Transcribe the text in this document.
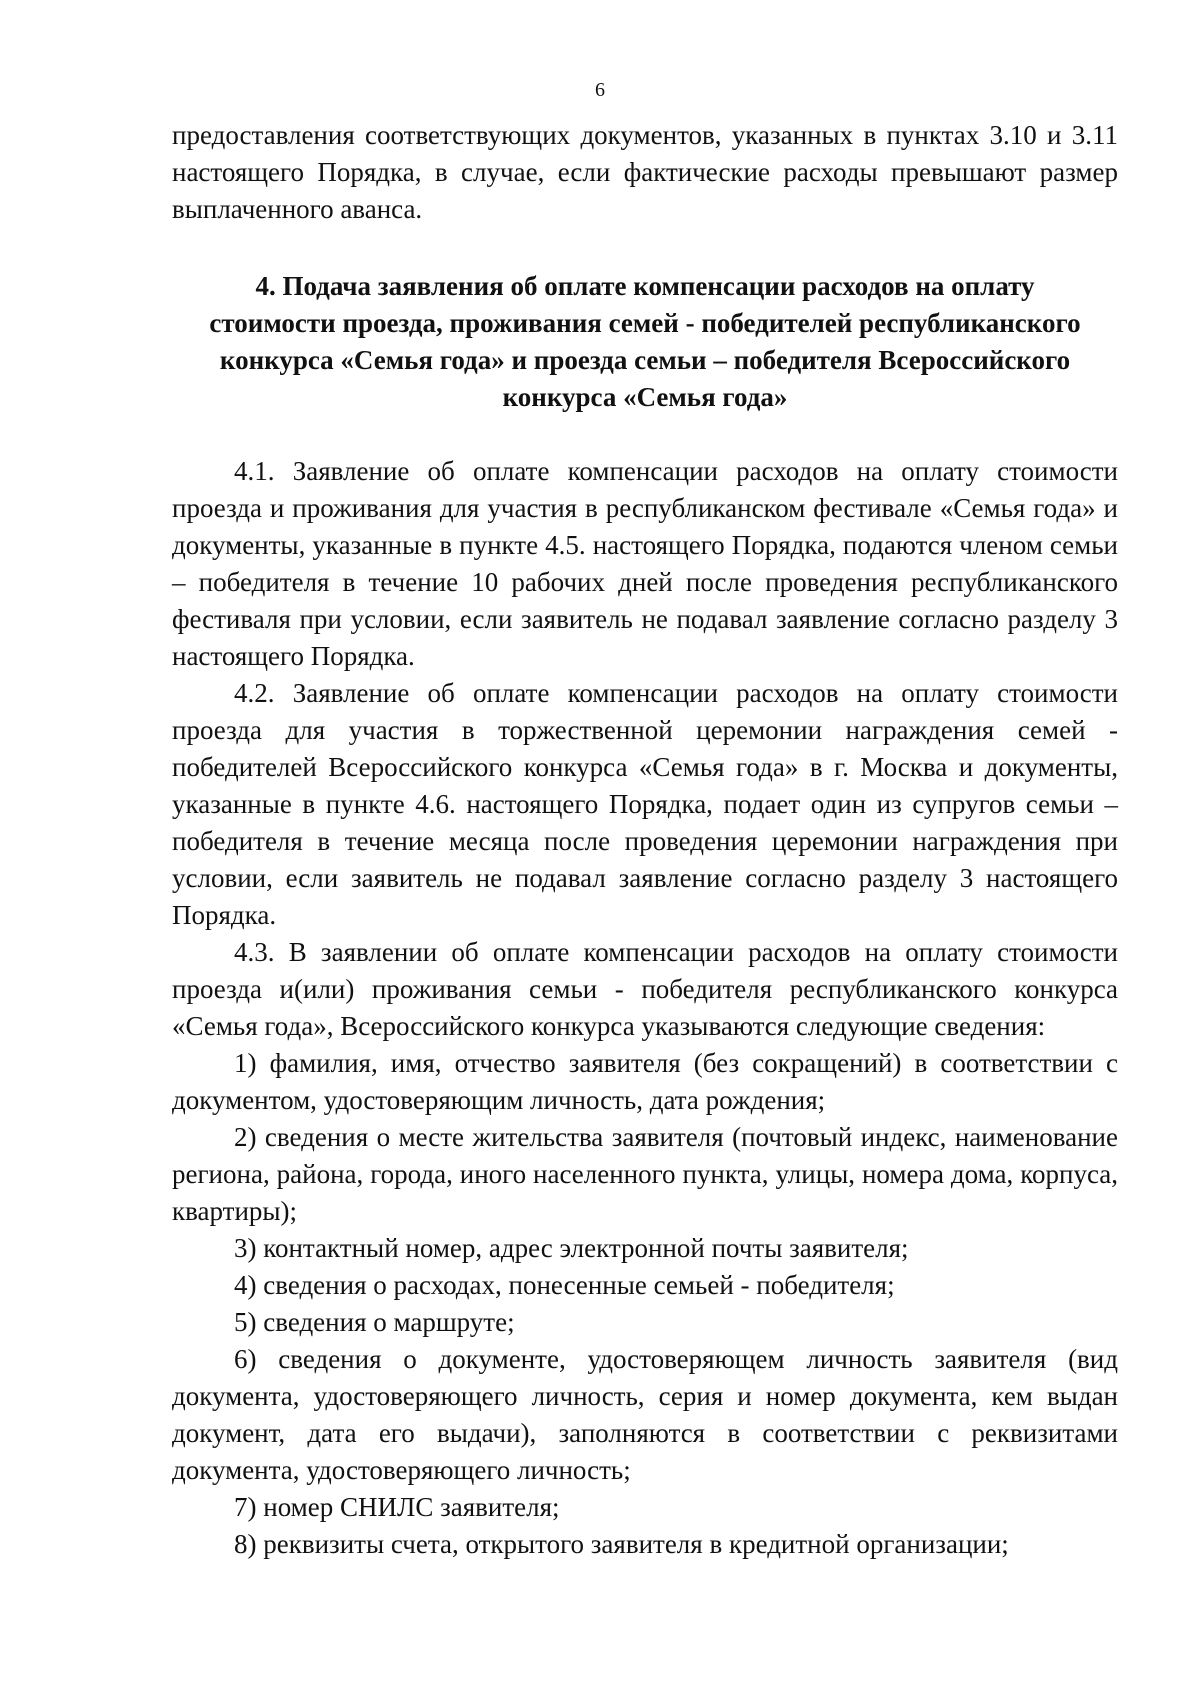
6

предоставления соответствующих документов, указанных в пунктах 3.10 и 3.11 настоящего Порядка, в случае, если фактические расходы превышают размер выплаченного аванса.

4. Подача заявления об оплате компенсации расходов на оплату стоимости проезда, проживания семей - победителей республиканского конкурса «Семья года» и проезда семьи – победителя Всероссийского конкурса «Семья года»

4.1. Заявление об оплате компенсации расходов на оплату стоимости проезда и проживания для участия в республиканском фестивале «Семья года» и документы, указанные в пункте 4.5. настоящего Порядка, подаются членом семьи – победителя в течение 10 рабочих дней после проведения республиканского фестиваля при условии, если заявитель не подавал заявление согласно разделу 3 настоящего Порядка.

4.2. Заявление об оплате компенсации расходов на оплату стоимости проезда для участия в торжественной церемонии награждения семей - победителей Всероссийского конкурса «Семья года» в г. Москва и документы, указанные в пункте 4.6. настоящего Порядка, подает один из супругов семьи – победителя в течение месяца после проведения церемонии награждения при условии, если заявитель не подавал заявление согласно разделу 3 настоящего Порядка.

4.3. В заявлении об оплате компенсации расходов на оплату стоимости проезда и(или) проживания семьи - победителя республиканского конкурса «Семья года», Всероссийского конкурса указываются следующие сведения:

1) фамилия, имя, отчество заявителя (без сокращений) в соответствии с документом, удостоверяющим личность, дата рождения;

2) сведения о месте жительства заявителя (почтовый индекс, наименование региона, района, города, иного населенного пункта, улицы, номера дома, корпуса, квартиры);

3) контактный номер, адрес электронной почты заявителя;

4) сведения о расходах, понесенные семьей - победителя;

5) сведения о маршруте;

6) сведения о документе, удостоверяющем личность заявителя (вид документа, удостоверяющего личность, серия и номер документа, кем выдан документ, дата его выдачи), заполняются в соответствии с реквизитами документа, удостоверяющего личность;

7) номер СНИЛС заявителя;

8) реквизиты счета, открытого заявителя в кредитной организации;
